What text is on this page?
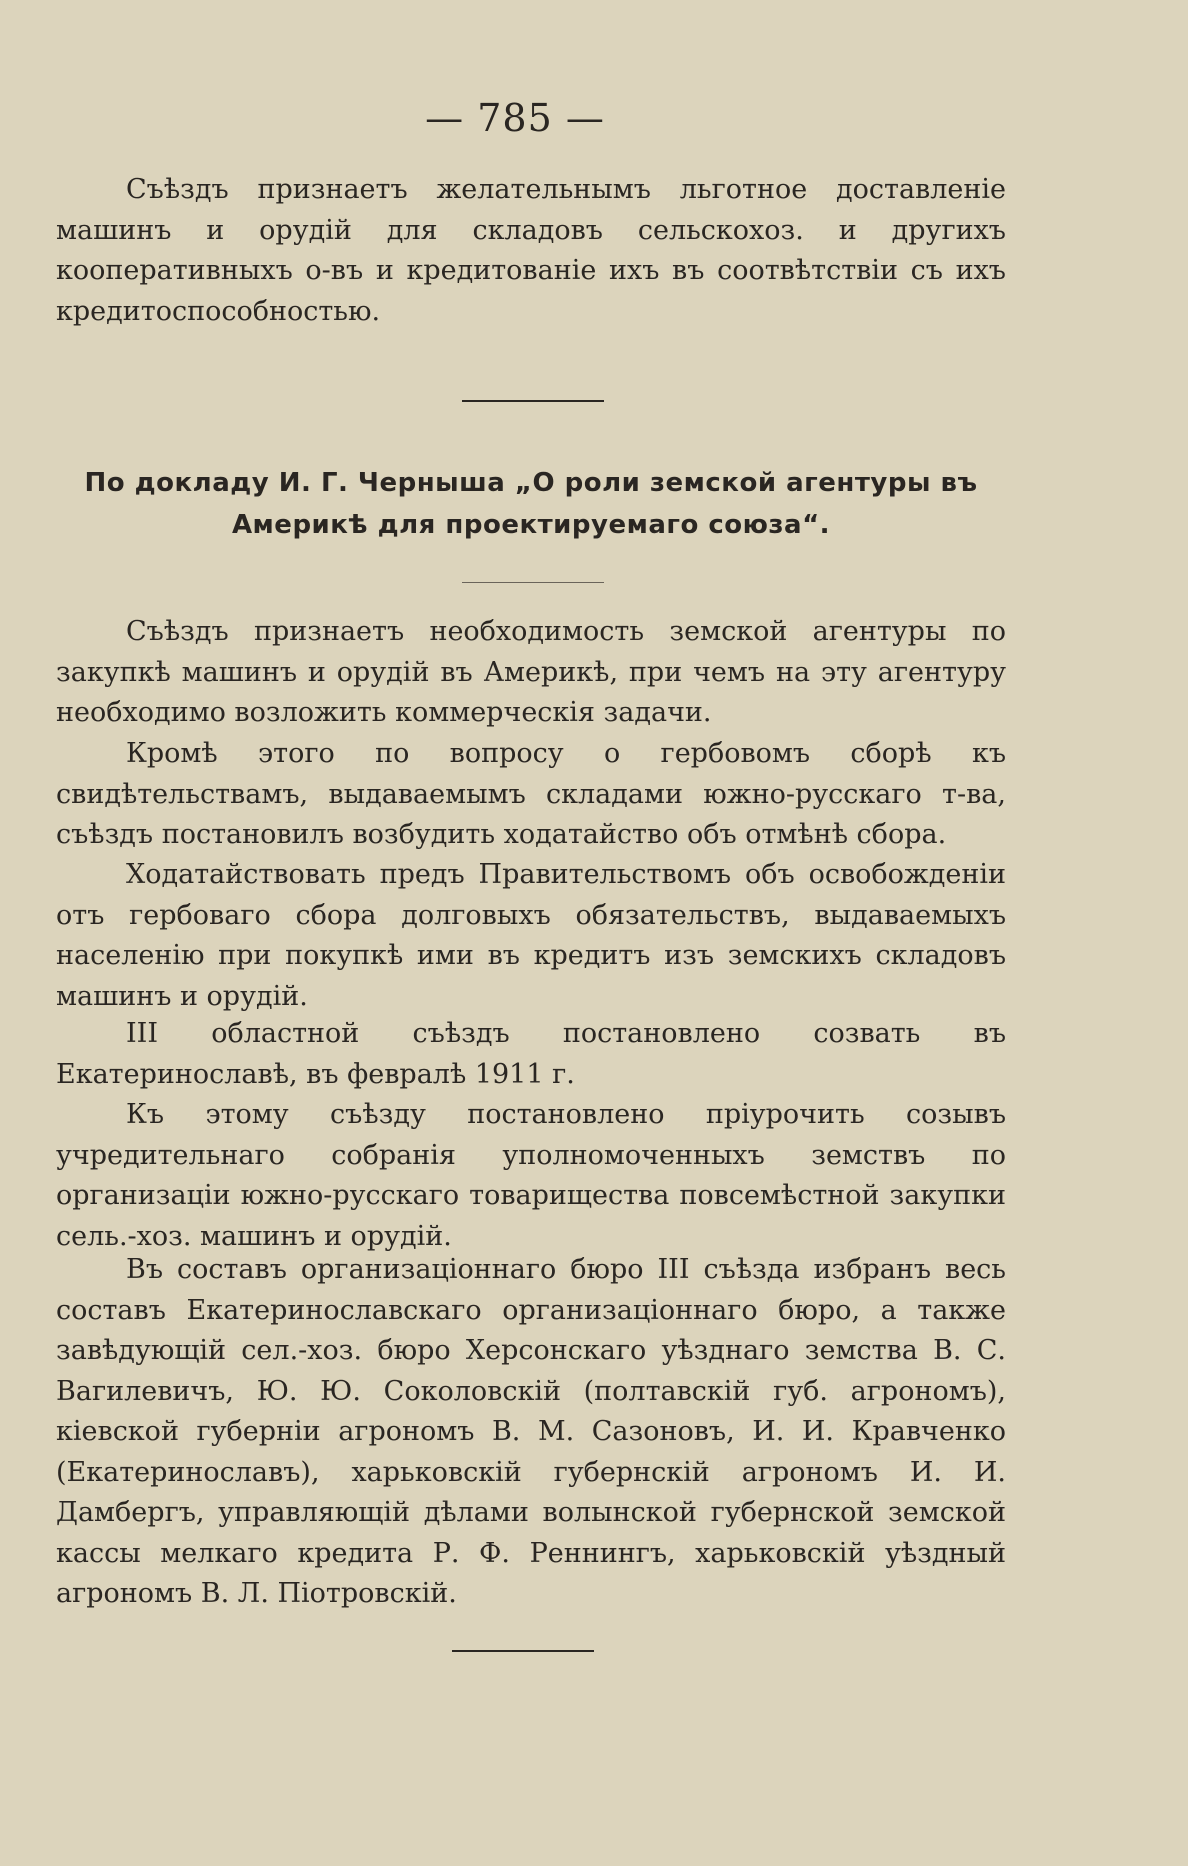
— 785 —

Съѣздъ признаетъ желательнымъ льготное доставленіе машинъ и орудій для складовъ сельскохоз. и другихъ кооперативныхъ о-въ и кредитованіе ихъ въ соотвѣтствіи съ ихъ кредитоспособностью.

По докладу И. Г. Черныша „О роли земской агентуры въ Америкѣ для проектируемаго союза“.

Съѣздъ признаетъ необходимость земской агентуры по закупкѣ машинъ и орудій въ Америкѣ, при чемъ на эту агентуру необходимо возложить коммерческія задачи.

Кромѣ этого по вопросу о гербовомъ сборѣ къ свидѣтельствамъ, выдаваемымъ складами южно-русскаго т-ва, съѣздъ постановилъ возбудить ходатайство объ отмѣнѣ сбора.

Ходатайствовать предъ Правительствомъ объ освобожденіи отъ гербоваго сбора долговыхъ обязательствъ, выдаваемыхъ населенію при покупкѣ ими въ кредитъ изъ земскихъ складовъ машинъ и орудій.

III областной съѣздъ постановлено созвать въ Екатеринославѣ, въ февралѣ 1911 г.

Къ этому съѣзду постановлено пріурочить созывъ учредительнаго собранія уполномоченныхъ земствъ по организаціи южно-русскаго товарищества повсемѣстной закупки сель.-хоз. машинъ и орудій.

Въ составъ организаціоннаго бюро III съѣзда избранъ весь составъ Екатеринославскаго организаціоннаго бюро, а также завѣдующій сел.-хоз. бюро Херсонскаго уѣзднаго земства В. С. Вагилевичъ, Ю. Ю. Соколовскій (полтавскій губ. агрономъ), кіевской губерніи агрономъ В. М. Сазоновъ, И. И. Кравченко (Екатеринославъ), харьковскій губернскій агрономъ И. И. Дамбергъ, управляющій дѣлами волынской губернской земской кассы мелкаго кредита Р. Ф. Реннингъ, харьковскій уѣздный агрономъ В. Л. Піотровскій.
